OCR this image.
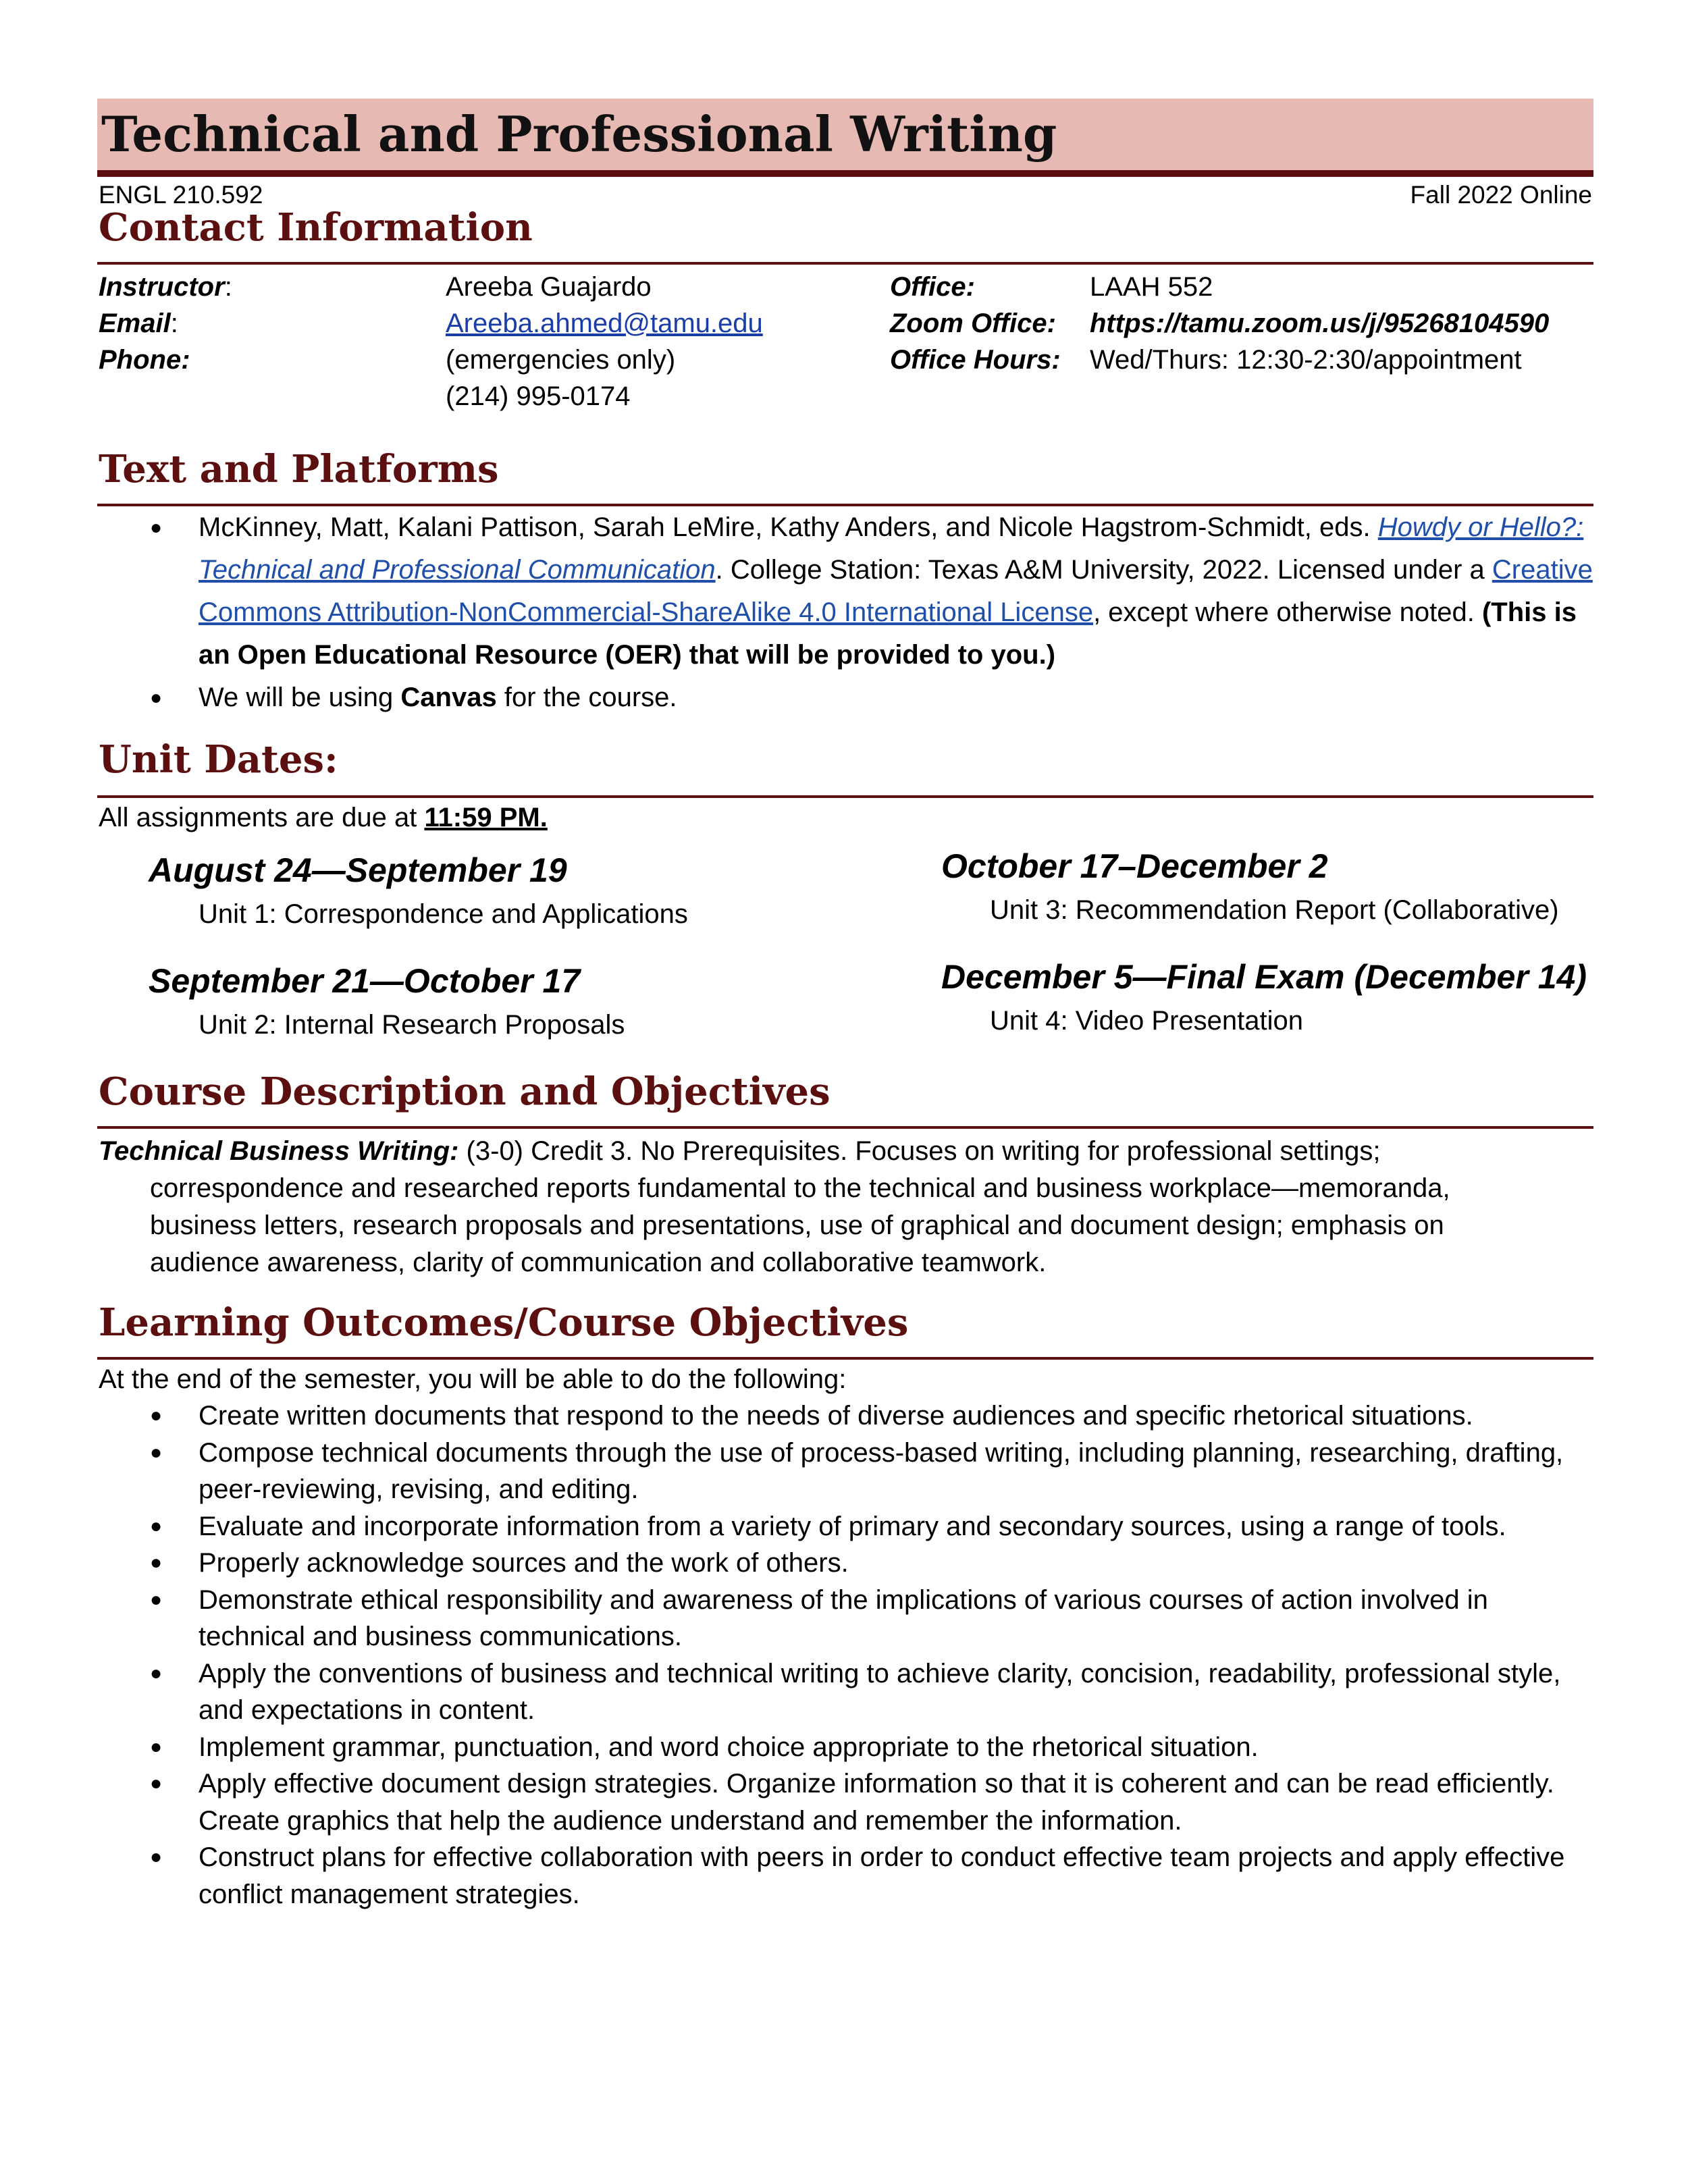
Technical and Professional Writing
ENGL 210.592	Fall 2022 Online
Contact Information
Instructor:	Areeba Guajardo	Office:	LAAH 552
Email:	Areeba.ahmed@tamu.edu	Zoom Office: https://tamu.zoom.us/j/95268104590
Phone:	(emergencies only)	Office Hours: Wed/Thurs: 12:30-2:30/appointment
(214) 995-0174
Text and Platforms
● McKinney, Matt, Kalani Pattison, Sarah LeMire, Kathy Anders, and Nicole Hagstrom-Schmidt, eds. Howdy or Hello?: Technical and Professional Communication. College Station: Texas A&M University, 2022. Licensed under a Creative Commons Attribution-NonCommercial-ShareAlike 4.0 International License, except where otherwise noted. (This is an Open Educational Resource (OER) that will be provided to you.)
● We will be using Canvas for the course.
Unit Dates:
All assignments are due at 11:59 PM.
August 24—September 19
Unit 1: Correspondence and Applications
September 21—October 17
Unit 2: Internal Research Proposals
October 17–December 2
Unit 3: Recommendation Report (Collaborative)
December 5—Final Exam (December 14)
Unit 4: Video Presentation
Course Description and Objectives
Technical Business Writing: (3-0) Credit 3. No Prerequisites. Focuses on writing for professional settings;
correspondence and researched reports fundamental to the technical and business workplace—memoranda, business letters, research proposals and presentations, use of graphical and document design; emphasis on audience awareness, clarity of communication and collaborative teamwork.
Learning Outcomes/Course Objectives
At the end of the semester, you will be able to do the following:
● Create written documents that respond to the needs of diverse audiences and specific rhetorical situations.
● Compose technical documents through the use of process-based writing, including planning, researching, drafting, peer-reviewing, revising, and editing.
● Evaluate and incorporate information from a variety of primary and secondary sources, using a range of tools.
● Properly acknowledge sources and the work of others.
● Demonstrate ethical responsibility and awareness of the implications of various courses of action involved in technical and business communications.
● Apply the conventions of business and technical writing to achieve clarity, concision, readability, professional style, and expectations in content.
● Implement grammar, punctuation, and word choice appropriate to the rhetorical situation.
● Apply effective document design strategies. Organize information so that it is coherent and can be read efficiently. Create graphics that help the audience understand and remember the information.
● Construct plans for effective collaboration with peers in order to conduct effective team projects and apply effective conflict management strategies.
